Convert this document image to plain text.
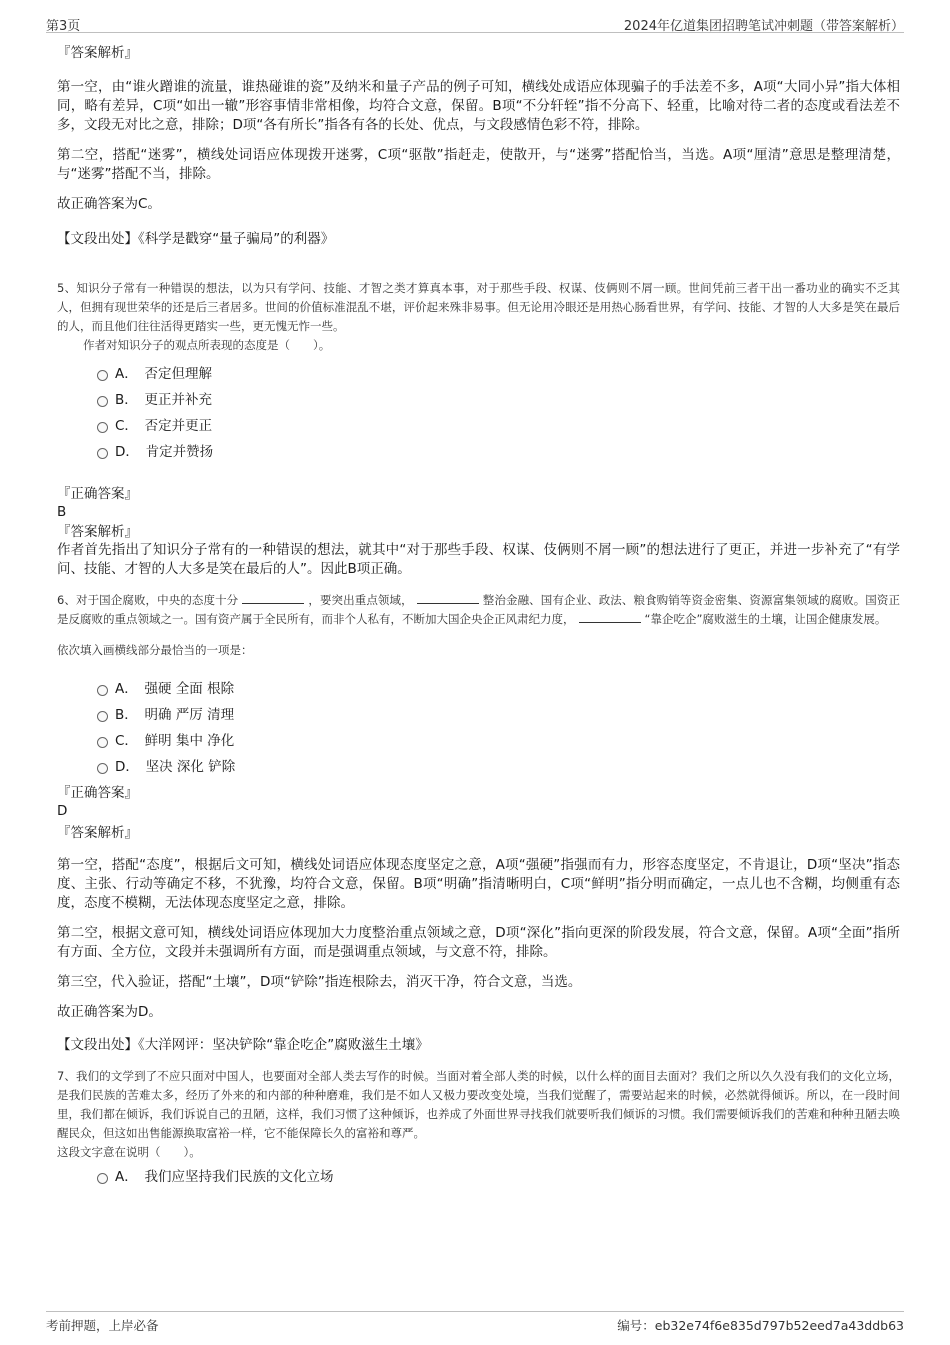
第3页	2024年亿道集团招聘笔试冲刺题（带答案解析）
『答案解析』

第一空，由“谁火蹭谁的流量，谁热碰谁的瓷”及纳米和量子产品的例子可知，横线处成语应体现骗子的手法差不多，A项“大同小异”指大体相同，略有差异，C项“如出一辙”形容事情非常相像，均符合文意，保留。B项“不分轩轾”指不分高下、轻重，比喻对待二者的态度或看法差不多，文段无对比之意，排除；D项“各有所长”指各有各的长处、优点，与文段感情色彩不符，排除。

第二空，搭配“迷雾”，横线处词语应体现拨开迷雾，C项“驱散”指赶走，使散开，与“迷雾”搭配恰当，当选。A项“厘清”意思是整理清楚，与“迷雾”搭配不当，排除。

故正确答案为C。

【文段出处】《科学是戳穿“量子骗局”的利器》

5、知识分子常有一种错误的想法，以为只有学问、技能、才智之类才算真本事，对于那些手段、权谋、伎俩则不屑一顾。世间凭前三者干出一番功业的确实不乏其人，但拥有现世荣华的还是后三者居多。世间的价值标准混乱不堪，评价起来殊非易事。但无论用冷眼还是用热心肠看世界，有学问、技能、才智的人大多是笑在最后的人，而且他们往往活得更踏实一些，更无愧无怍一些。

作者对知识分子的观点所表现的态度是（　　）。

A．　否定但理解
B．　更正并补充
C．　否定并更正
D．　肯定并赞扬
『正确答案』
B
『答案解析』

作者首先指出了知识分子常有的一种错误的想法，就其中“对于那些手段、权谋、伎俩则不屑一顾”的想法进行了更正，并进一步补充了“有学问、技能、才智的人大多是笑在最后的人”。因此B项正确。

6、对于国企腐败，中央的态度十分	，要突出重点领域，	整治金融、国有企业、政法、粮食购销等资金密集、资源富集领域的腐败。国资正是反腐败的重点领域之一。国有资产属于全民所有，而非个人私有，不断加大国企央企正风肃纪力度，	“靠企吃企”腐败滋生的土壤，让国企健康发展。

依次填入画横线部分最恰当的一项是：

A．　强硬 全面 根除
B．　明确 严厉 清理
C．　鲜明 集中 净化
D．　坚决 深化 铲除
『正确答案』
D
『答案解析』

第一空，搭配“态度”，根据后文可知，横线处词语应体现态度坚定之意，A项“强硬”指强而有力，形容态度坚定，不肯退让，D项“坚决”指态度、主张、行动等确定不移，不犹豫，均符合文意，保留。B项“明确”指清晰明白，C项“鲜明”指分明而确定，一点儿也不含糊，均侧重有态度，态度不模糊，无法体现态度坚定之意，排除。

第二空，根据文意可知，横线处词语应体现加大力度整治重点领域之意，D项“深化”指向更深的阶段发展，符合文意，保留。A项“全面”指所有方面、全方位，文段并未强调所有方面，而是强调重点领域，与文意不符，排除。

第三空，代入验证，搭配“土壤”，D项“铲除”指连根除去，消灭干净，符合文意，当选。

故正确答案为D。

【文段出处】《大洋网评：坚决铲除“靠企吃企”腐败滋生土壤》

7、我们的文学到了不应只面对中国人，也要面对全部人类去写作的时候。当面对着全部人类的时候，以什么样的面目去面对？我们之所以久久没有我们的文化立场，是我们民族的苦难太多，经历了外来的和内部的种种磨难，我们是不如人又极力要改变处境，当我们觉醒了，需要站起来的时候，必然就得倾诉。所以，在一段时间里，我们都在倾诉，我们诉说自己的丑陋，这样，我们习惯了这种倾诉，也养成了外面世界寻找我们就要听我们倾诉的习惯。我们需要倾诉我们的苦难和种种丑陋去唤醒民众，但这如出售能源换取富裕一样，它不能保障长久的富裕和尊严。

这段文字意在说明（　　）。

A．　我们应坚持我们民族的文化立场
考前押题，上岸必备	编号：eb32e74f6e835d797b52eed7a43ddb63
